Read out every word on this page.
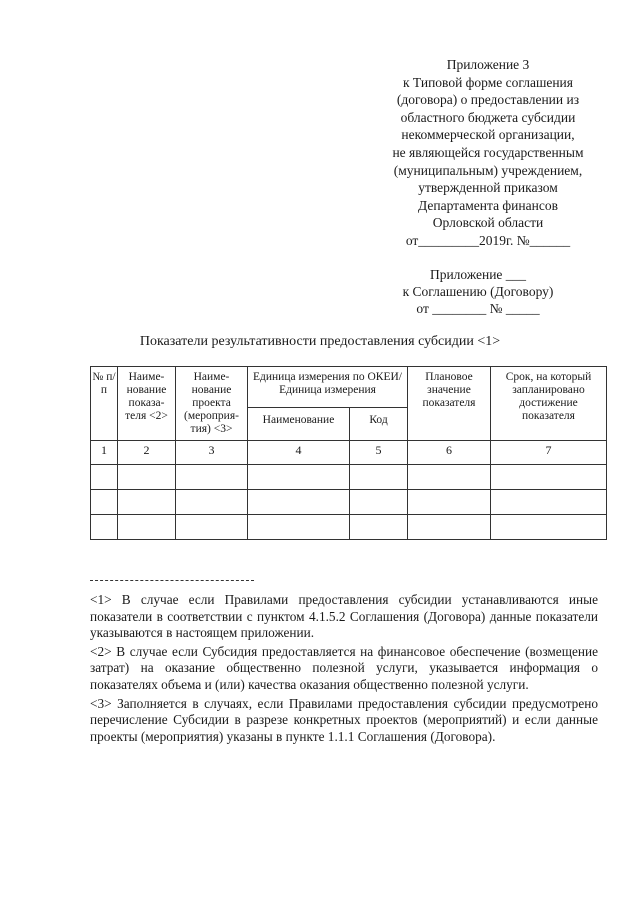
Приложение 3
к Типовой форме соглашения
(договора) о предоставлении из
областного бюджета субсидии
некоммерческой организации,
не являющейся государственным
(муниципальным) учреждением,
утвержденной приказом
Департамента финансов
Орловской области
от_________2019г. №______
Приложение ___
к Соглашению (Договору)
от ________ № _____
Показатели результативности предоставления субсидии <1>
№ п/п	Наиме-нование показа-теля <2>	Наиме-нование проекта (мероприя-тия) <3>	Единица измерения по ОКЕИ/Единица измерения		Плановое значение показателя	Срок, на который запланировано достижение показателя
			Наименование	Код		
1	2	3	4	5	6	7

<1> В случае если Правилами предоставления субсидии устанавливаются иные показатели в соответствии с пунктом 4.1.5.2 Соглашения (Договора) данные показатели указываются в настоящем приложении.

<2> В случае если Субсидия предоставляется на финансовое обеспечение (возмещение затрат) на оказание общественно полезной услуги, указывается информация о показателях объема и (или) качества оказания общественно полезной услуги.

<3> Заполняется в случаях, если Правилами предоставления субсидии предусмотрено перечисление Субсидии в разрезе конкретных проектов (мероприятий) и если данные проекты (мероприятия) указаны в пункте 1.1.1 Соглашения (Договора).
